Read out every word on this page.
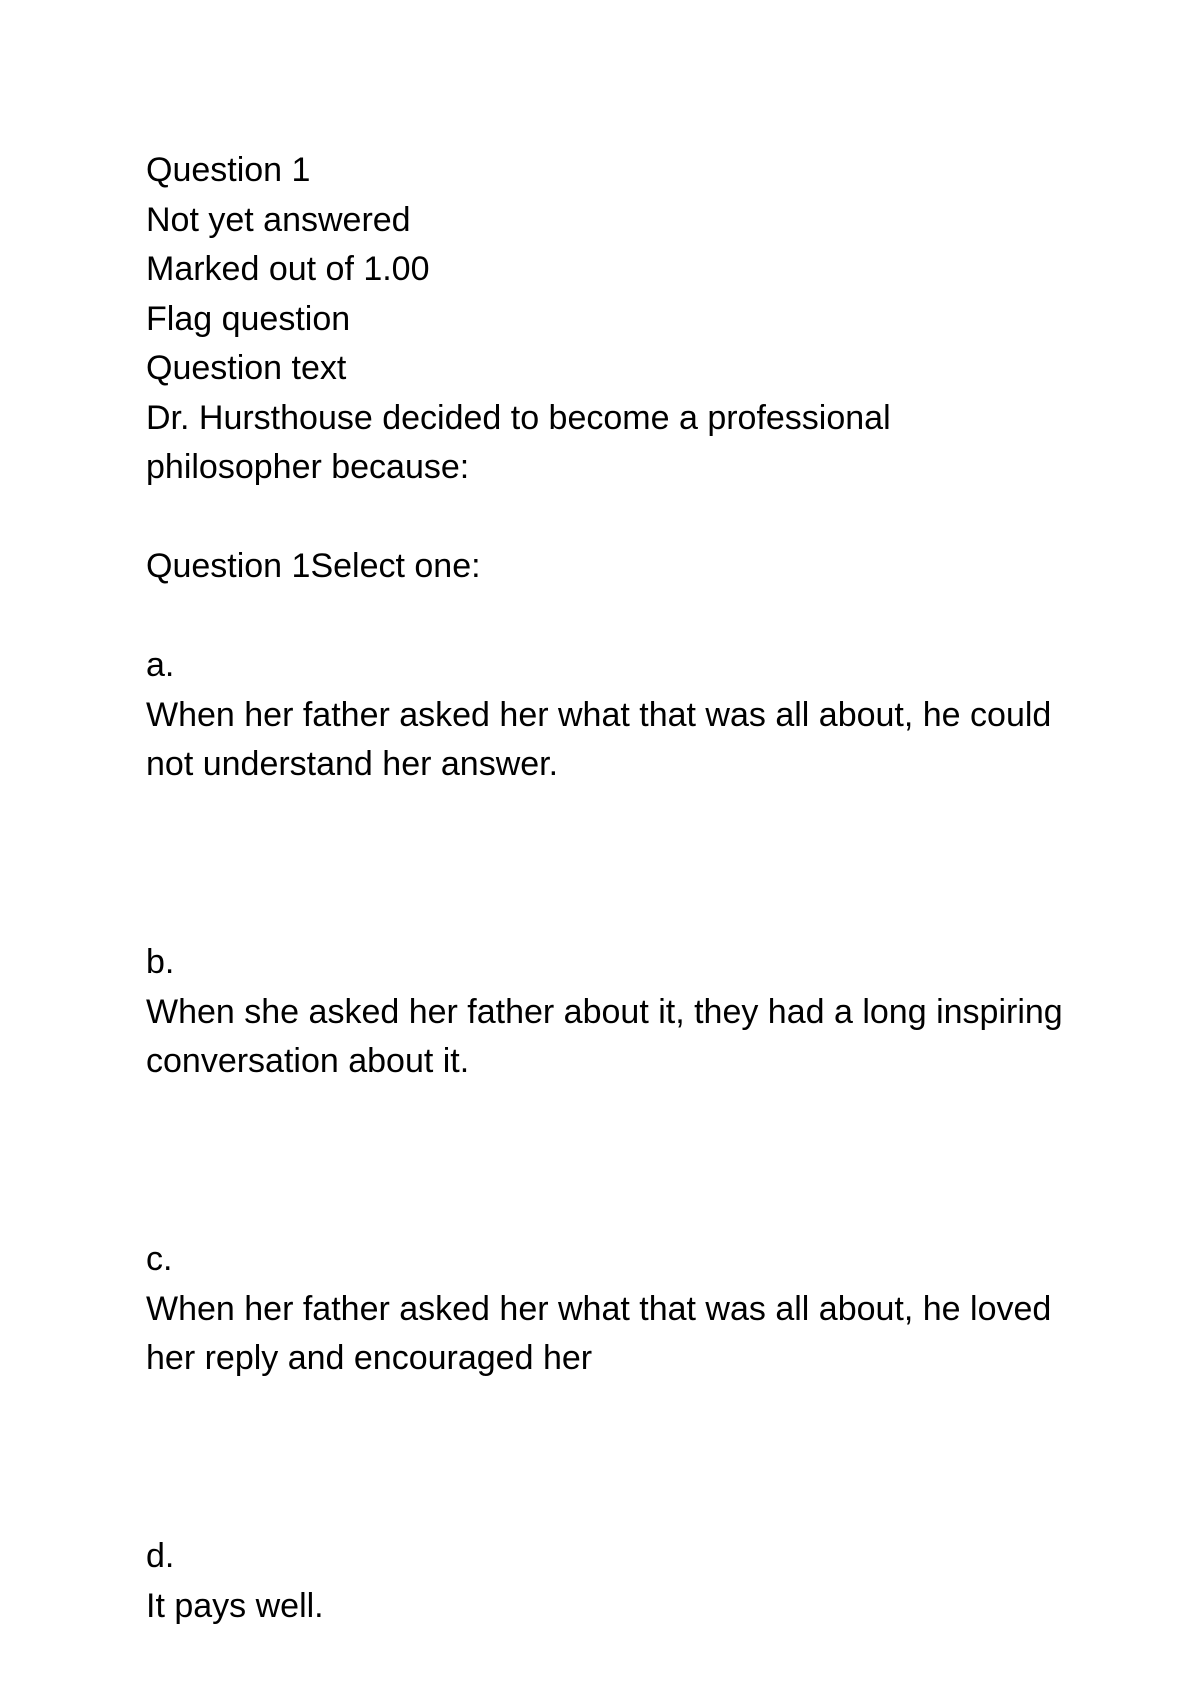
Question 1
Not yet answered
Marked out of 1.00
Flag question
Question text
Dr. Hursthouse decided to become a professional philosopher because:
Question 1Select one:
a.
When her father asked her what that was all about, he could not understand her answer.
b.
When she asked her father about it, they had a long inspiring conversation about it.
c.
When her father asked her what that was all about, he loved her reply and encouraged her
d.
It pays well.
